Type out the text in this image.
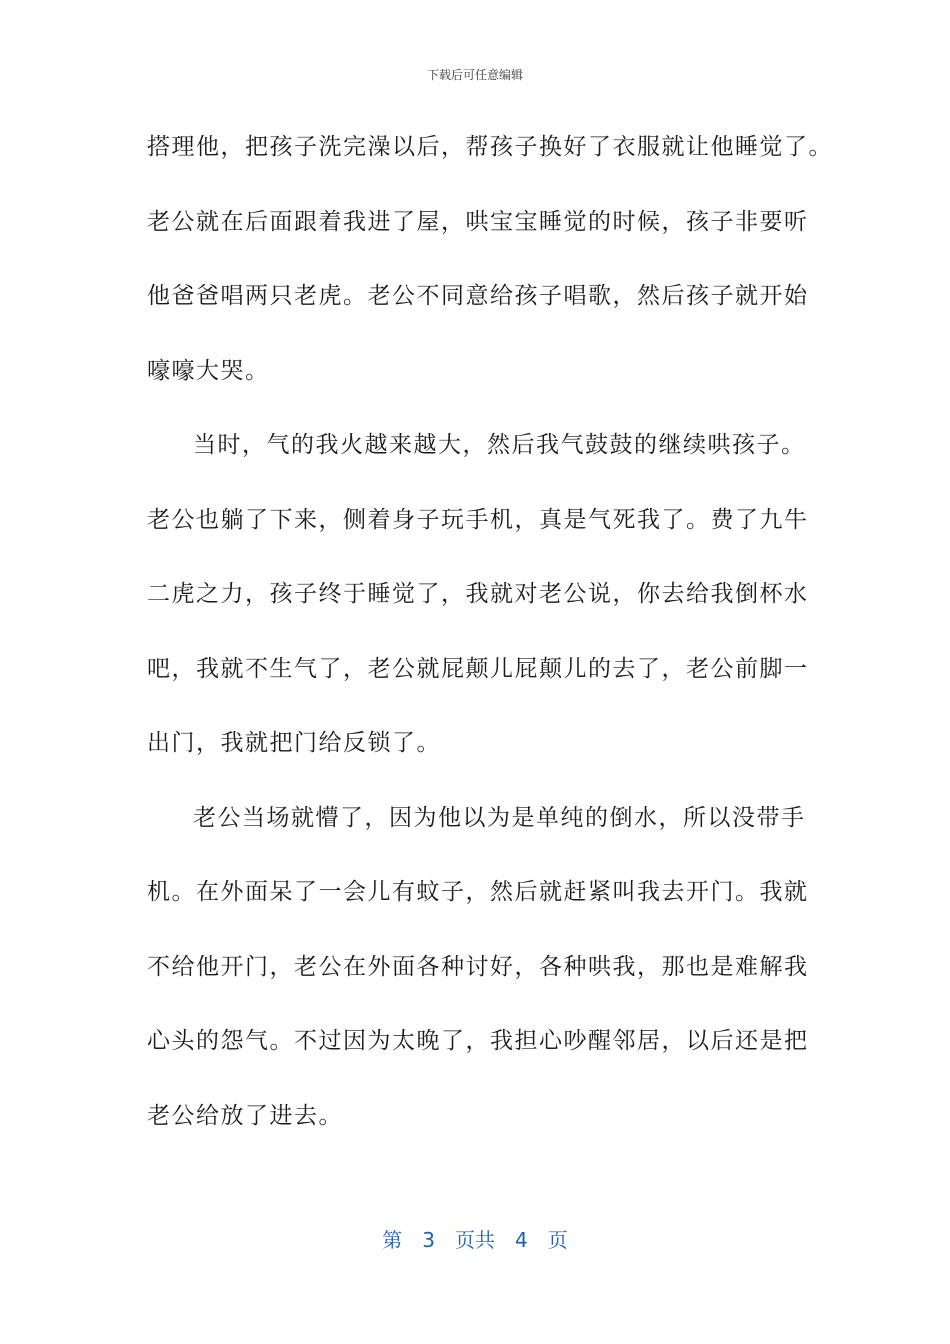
下载后可任意编辑
搭理他，把孩子洗完澡以后，帮孩子换好了衣服就让他睡觉了。
老公就在后面跟着我进了屋，哄宝宝睡觉的时候，孩子非要听
他爸爸唱两只老虎。老公不同意给孩子唱歌，然后孩子就开始
嚎嚎大哭。
当时，气的我火越来越大，然后我气鼓鼓的继续哄孩子。
老公也躺了下来，侧着身子玩手机，真是气死我了。费了九牛
二虎之力，孩子终于睡觉了，我就对老公说，你去给我倒杯水
吧，我就不生气了，老公就屁颠儿屁颠儿的去了，老公前脚一
出门，我就把门给反锁了。
老公当场就懵了，因为他以为是单纯的倒水，所以没带手
机。在外面呆了一会儿有蚊子，然后就赶紧叫我去开门。我就
不给他开门，老公在外面各种讨好，各种哄我，那也是难解我
心头的怨气。不过因为太晚了，我担心吵醒邻居，以后还是把
老公给放了进去。
第 3 页共 4 页
